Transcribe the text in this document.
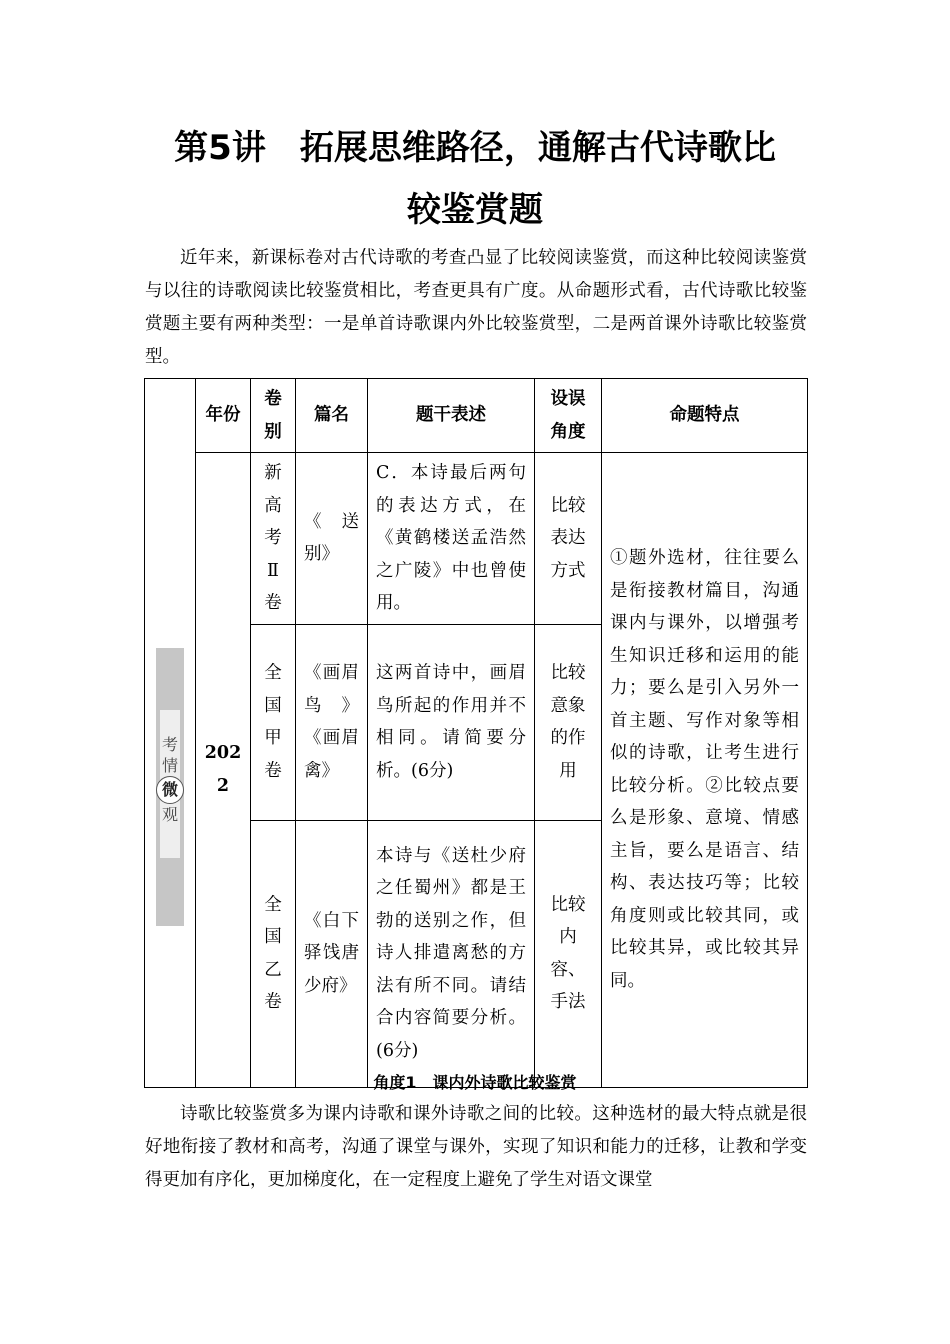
第5讲　拓展思维路径，通解古代诗歌比
较鉴赏题
近年来，新课标卷对古代诗歌的考查凸显了比较阅读鉴赏，而这种比较阅读鉴赏与以往的诗歌阅读比较鉴赏相比，考查更具有广度。从命题形式看，古代诗歌比较鉴赏题主要有两种类型：一是单首诗歌课内外比较鉴赏型，二是两首课外诗歌比较鉴赏型。
考
情
微
观	年份	卷别	篇名	题干表述	设误角度	命题特点
	2022	新高考Ⅱ卷	《送别》	C．本诗最后两句的表达方式，在《黄鹤楼送孟浩然之广陵》中也曾使用。	比较表达方式	①题外选材，往往要么是衔接教材篇目，沟通课内与课外，以增强考生知识迁移和运用的能力；要么是引入另外一首主题、写作对象等相似的诗歌，让考生进行比较分析。②比较点要么是形象、意境、情感主旨，要么是语言、结构、表达技巧等；比较角度则或比较其同，或比较其异，或比较其异同。
		全国甲卷	《画眉鸟》《画眉禽》	这两首诗中，画眉鸟所起的作用并不相同。请简要分析。(6分)	比较意象的作用	
		全国乙卷	《白下驿饯唐少府》	本诗与《送杜少府之任蜀州》都是王勃的送别之作，但诗人排遣离愁的方法有所不同。请结合内容简要分析。(6分)	比较内容、手法	
角度1　课内外诗歌比较鉴赏
诗歌比较鉴赏多为课内诗歌和课外诗歌之间的比较。这种选材的最大特点就是很好地衔接了教材和高考，沟通了课堂与课外，实现了知识和能力的迁移，让教和学变得更加有序化，更加梯度化，在一定程度上避免了学生对语文课堂
